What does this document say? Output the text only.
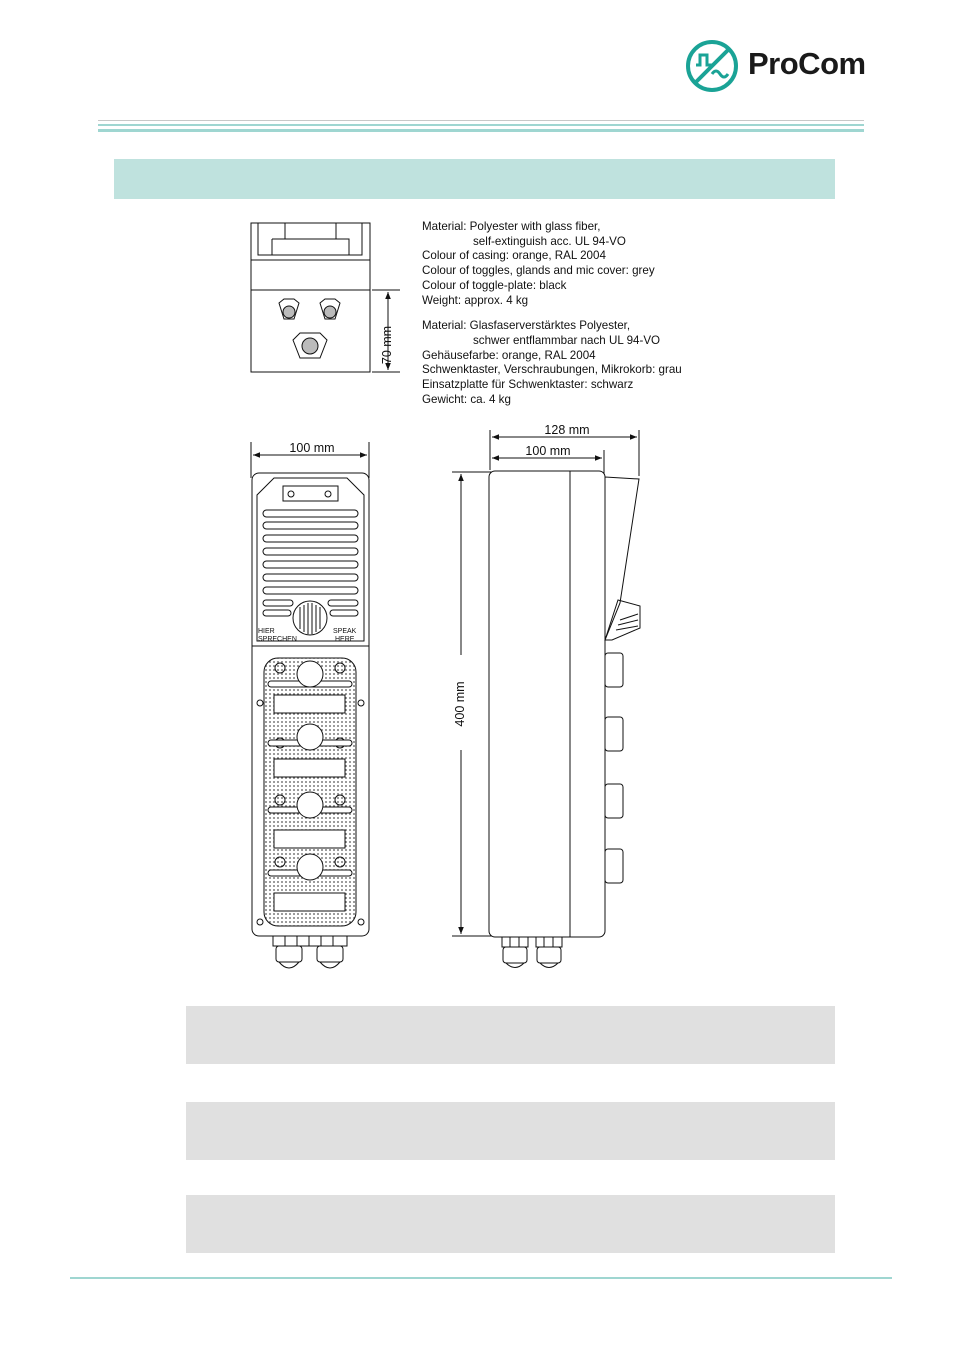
ProCom
Material: Polyester with glass fiber,
self-extinguish acc. UL 94-VO
Colour of casing: orange, RAL 2004
Colour of toggles, glands and mic cover: grey
Colour of toggle-plate: black
Weight: approx. 4 kg
Material: Glasfaserverstärktes Polyester,
schwer entflammbar nach UL 94-VO
Gehäusefarbe: orange, RAL 2004
Schwenktaster, Verschraubungen, Mikrokorb: grau
Einsatzplatte für Schwenktaster: schwarz
Gewicht: ca. 4 kg
70 mm
HIER
SPRECHEN
SPEAK
HERE
100 mm
128 mm
100 mm
400 mm
